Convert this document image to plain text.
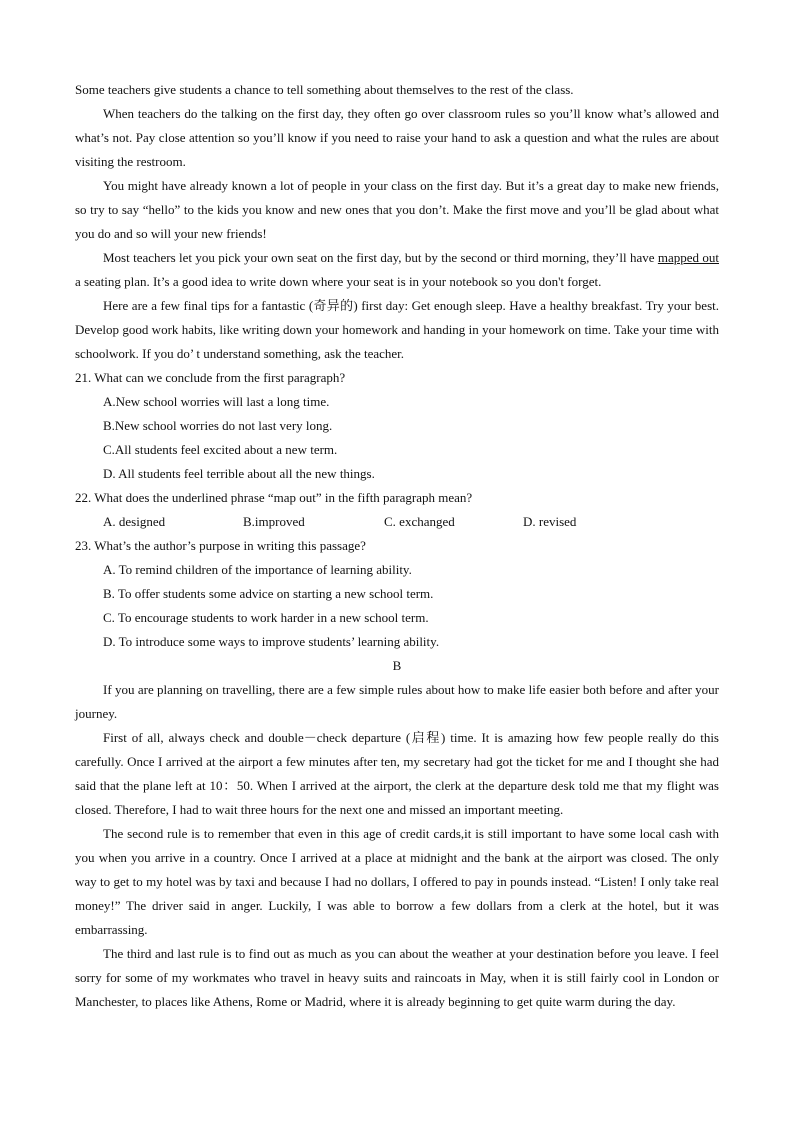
Some teachers give students a chance to tell something about themselves to the rest of the class.

When teachers do the talking on the first day, they often go over classroom rules so you’ll know what’s allowed and what’s not. Pay close attention so you’ll know if you need to raise your hand to ask a question and what the rules are about visiting the restroom.

You might have already known a lot of people in your class on the first day. But it’s a great day to make new friends, so try to say “hello” to the kids you know and new ones that you don’t. Make the first move and you’ll be glad about what you do and so will your new friends!

Most teachers let you pick your own seat on the first day, but by the second or third morning, they’ll have mapped out a seating plan. It’s a good idea to write down where your seat is in your notebook so you don't forget.

Here are a few final tips for a fantastic (奇异的) first day: Get enough sleep. Have a healthy breakfast. Try your best. Develop good work habits, like writing down your homework and handing in your homework on time. Take your time with schoolwork. If you do’ t understand something, ask the teacher.

21. What can we conclude from the first paragraph?

A.New school worries will last a long time.

B.New school worries do not last very long.

C.All students feel excited about a new term.

D. All students feel terrible about all the new things.

22. What does the underlined phrase “map out” in the fifth paragraph mean?

A. designed	B.improved	C. exchanged	D. revised

23. What’s the author’s purpose in writing this passage?

A. To remind children of the importance of learning ability.

B. To offer students some advice on starting a new school term.

C. To encourage students to work harder in a new school term.

D. To introduce some ways to improve students’ learning ability.

B

If you are planning on travelling, there are a few simple rules about how to make life easier both before and after your journey.

First of all, always check and double－check departure (启程) time. It is amazing how few people really do this carefully. Once I arrived at the airport a few minutes after ten, my secretary had got the ticket for me and I thought she had said that the plane left at 10：50. When I arrived at the airport, the clerk at the departure desk told me that my flight was closed. Therefore, I had to wait three hours for the next one and missed an important meeting.

The second rule is to remember that even in this age of credit cards,it is still important to have some local cash with you when you arrive in a country. Once I arrived at a place at midnight and the bank at the airport was closed. The only way to get to my hotel was by taxi and because I had no dollars, I offered to pay in pounds instead. “Listen! I only take real money!” The driver said in anger. Luckily, I was able to borrow a few dollars from a clerk at the hotel, but it was embarrassing.

The third and last rule is to find out as much as you can about the weather at your destination before you leave. I feel sorry for some of my workmates who travel in heavy suits and raincoats in May, when it is still fairly cool in London or Manchester, to places like Athens, Rome or Madrid, where it is already beginning to get quite warm during the day.
